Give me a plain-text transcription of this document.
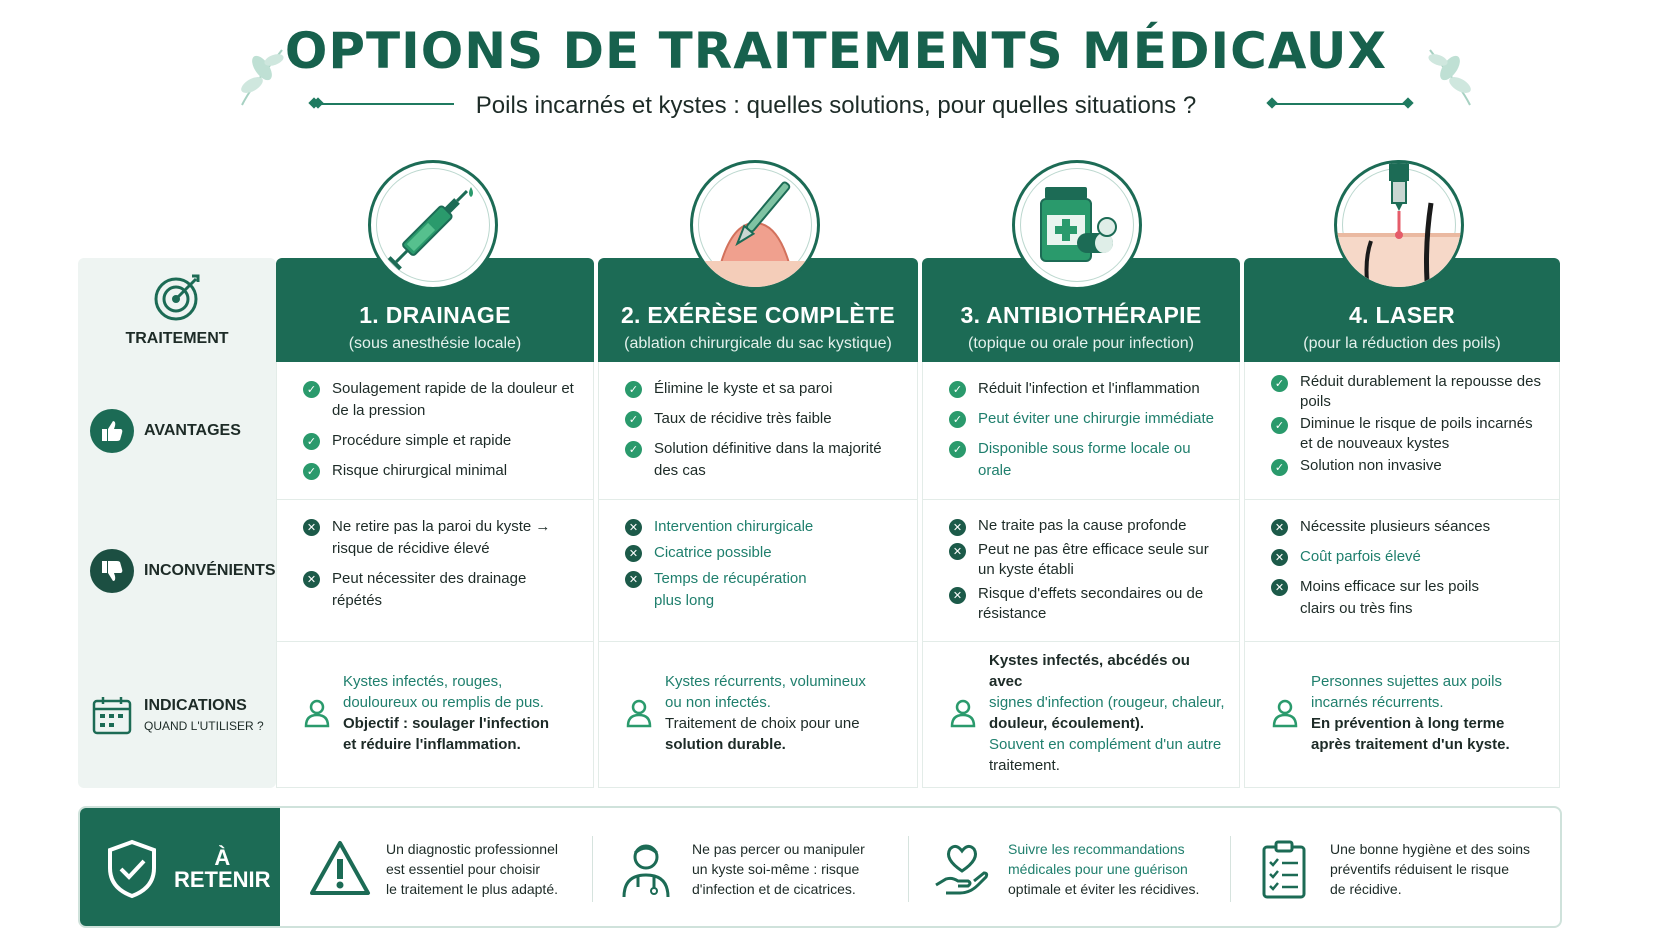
OPTIONS DE TRAITEMENTS MÉDICAUX
Poils incarnés et kystes : quelles solutions, pour quelles situations ?
TRAITEMENT
1. DRAINAGE
(sous anesthésie locale)
2. EXÉRÈSE COMPLÈTE
(ablation chirurgicale du sac kystique)
3. ANTIBIOTHÉRAPIE
(topique ou orale pour infection)
4. LASER
(pour la réduction des poils)
AVANTAGES
✓ Soulagement rapide de la douleur et de la pression
✓ Procédure simple et rapide
✓ Risque chirurgical minimal
✓ Élimine le kyste et sa paroi
✓ Taux de récidive très faible
✓ Solution définitive dans la majorité des cas
✓ Réduit l'infection et l'inflammation
✓ Peut éviter une chirurgie immédiate
✓ Disponible sous forme locale ou orale
✓ Réduit durablement la repousse des poils
✓ Diminue le risque de poils incarnés et de nouveaux kystes
✓ Solution non invasive
INCONVÉNIENTS
✕ Ne retire pas la paroi du kyste → risque de récidive élevé
✕ Peut nécessiter des drainage répétés
✕ Intervention chirurgicale
✕ Cicatrice possible
✕ Temps de récupération plus long
✕ Ne traite pas la cause profonde
✕ Peut ne pas être efficace seule sur un kyste établi
✕ Risque d'effets secondaires ou de résistance
✕ Nécessite plusieurs séances
✕ Coût parfois élevé
✕ Moins efficace sur les poils clairs ou très fins
INDICATIONS
QUAND L'UTILISER ?
Kystes infectés, rouges,
douloureux ou remplis de pus.
Objectif : soulager l'infection
et réduire l'inflammation.
Kystes récurrents, volumineux
ou non infectés.
Traitement de choix pour une
solution durable.
Kystes infectés, abcédés ou avec
signes d'infection (rougeur, chaleur,
douleur, écoulement).
Souvent en complément d'un autre
traitement.
Personnes sujettes aux poils
incarnés récurrents.
En prévention à long terme
après traitement d'un kyste.
À
RETENIR
Un diagnostic professionnel
est essentiel pour choisir
le traitement le plus adapté.
Ne pas percer ou manipuler
un kyste soi-même : risque
d'infection et de cicatrices.
Suivre les recommandations
médicales pour une guérison
optimale et éviter les récidives.
Une bonne hygiène et des soins
préventifs réduisent le risque
de récidive.
